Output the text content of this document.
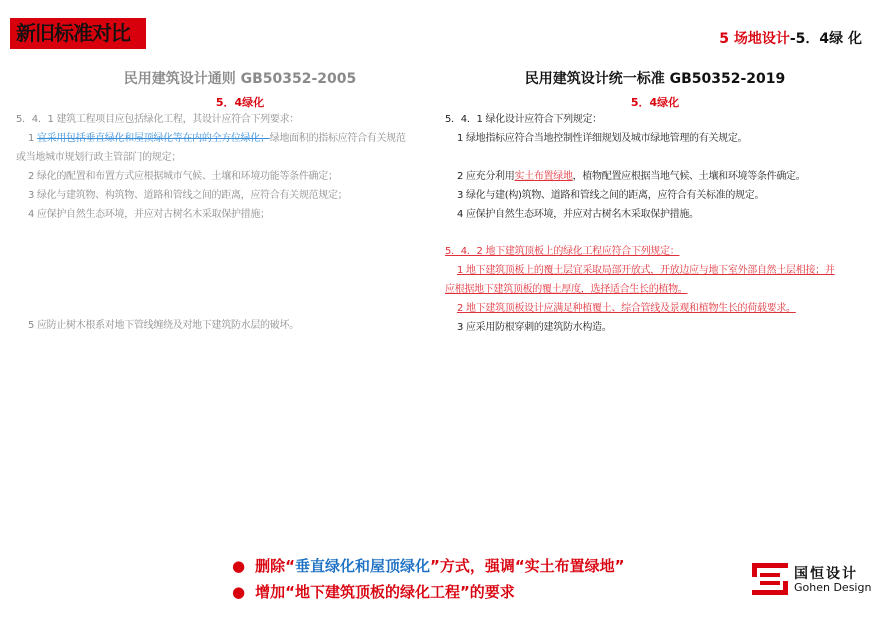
新旧标准对比	5 场地设计-5．4绿 化
民用建筑设计通则 GB50352-2005	民用建筑设计统一标准 GB50352-2019
5．4绿化	5．4绿化
5．4．1 建筑工程项目应包括绿化工程，其设计应符合下列要求：
1 宜采用包括垂直绿化和屋顶绿化等在内的全方位绿化；绿地面积的指标应符合有关规范
或当地城市规划行政主管部门的规定；
2 绿化的配置和布置方式应根据城市气候、土壤和环境功能等条件确定；
3 绿化与建筑物、构筑物、道路和管线之间的距离，应符合有关规范规定；
4 应保护自然生态环境，并应对古树名木采取保护措施；
5 应防止树木根系对地下管线缠绕及对地下建筑防水层的破坏。
5．4．1 绿化设计应符合下列规定：
1 绿地指标应符合当地控制性详细规划及城市绿地管理的有关规定。
2 应充分利用实土布置绿地，植物配置应根据当地气候、土壤和环境等条件确定。
3 绿化与建(构)筑物、道路和管线之间的距离，应符合有关标准的规定。
4 应保护自然生态环境，并应对古树名木采取保护措施。
5．4．2 地下建筑顶板上的绿化工程应符合下列规定：
1 地下建筑顶板上的覆土层宜采取局部开放式，开放边应与地下室外部自然土层相接；并
应根据地下建筑顶板的覆土厚度，选择适合生长的植物。
2 地下建筑顶板设计应满足种植覆土、综合管线及景观和植物生长的荷载要求。
3 应采用防根穿刺的建筑防水构造。
● 删除“垂直绿化和屋顶绿化”方式，强调“实土布置绿地”
● 增加“地下建筑顶板的绿化工程”的要求
国恒设计
Gohen Design
